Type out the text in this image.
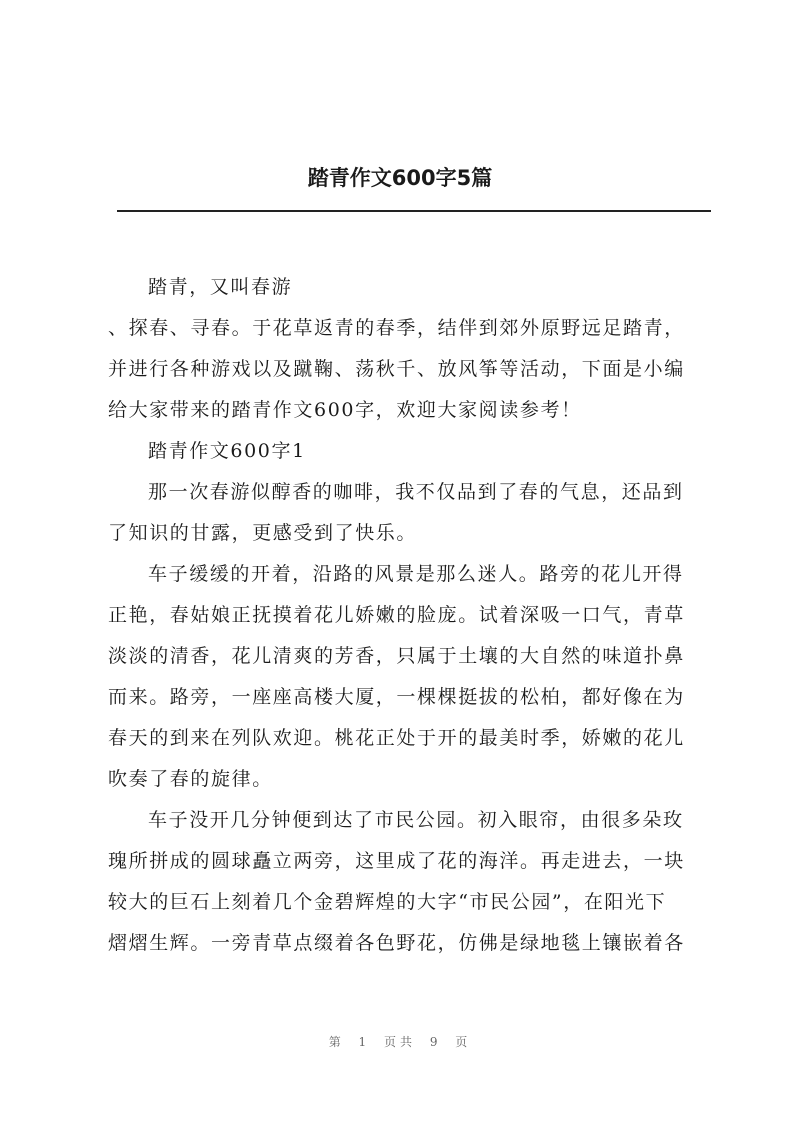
踏青作文600字5篇
踏青，又叫春游
、探春、寻春。于花草返青的春季，结伴到郊外原野远足踏青，
并进行各种游戏以及蹴鞠、荡秋千、放风筝等活动，下面是小编
给大家带来的踏青作文600字，欢迎大家阅读参考！
踏青作文600字1
那一次春游似醇香的咖啡，我不仅品到了春的气息，还品到
了知识的甘露，更感受到了快乐。
车子缓缓的开着，沿路的风景是那么迷人。路旁的花儿开得
正艳，春姑娘正抚摸着花儿娇嫩的脸庞。试着深吸一口气，青草
淡淡的清香，花儿清爽的芳香，只属于土壤的大自然的味道扑鼻
而来。路旁，一座座高楼大厦，一棵棵挺拔的松柏，都好像在为
春天的到来在列队欢迎。桃花正处于开的最美时季，娇嫩的花儿
吹奏了春的旋律。
车子没开几分钟便到达了市民公园。初入眼帘，由很多朵玫
瑰所拼成的圆球矗立两旁，这里成了花的海洋。再走进去，一块
较大的巨石上刻着几个金碧辉煌的大字“市民公园”，在阳光下
熠熠生辉。一旁青草点缀着各色野花，仿佛是绿地毯上镶嵌着各
第 1 页共 9 页
